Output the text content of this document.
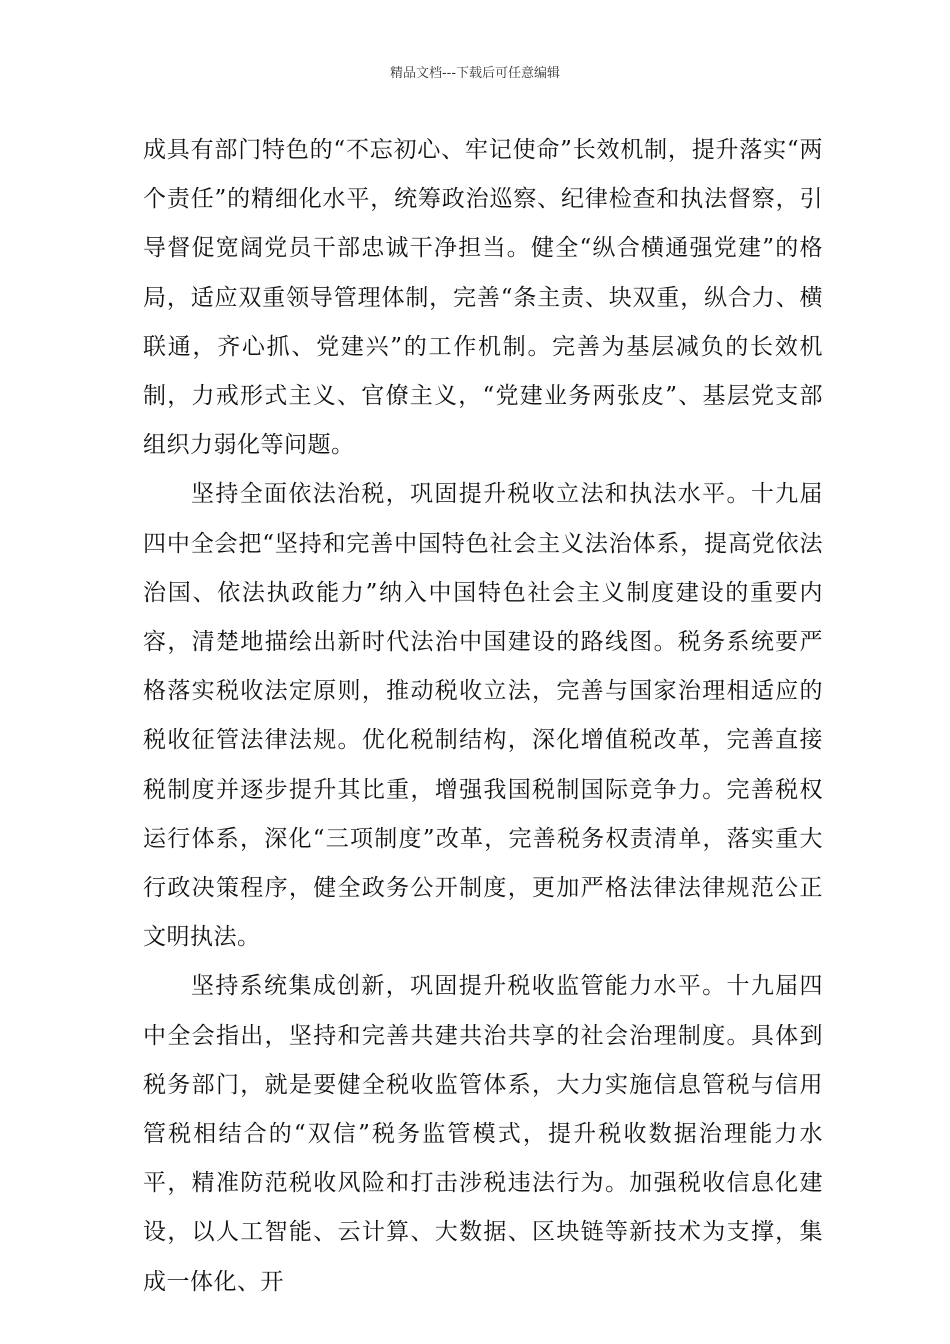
精品文档---下载后可任意编辑

成具有部门特色的“不忘初心、牢记使命”长效机制，提升落实“两个责任”的精细化水平，统筹政治巡察、纪律检查和执法督察，引导督促宽阔党员干部忠诚干净担当。健全“纵合横通强党建”的格局，适应双重领导管理体制，完善“条主责、块双重，纵合力、横联通，齐心抓、党建兴”的工作机制。完善为基层减负的长效机制，力戒形式主义、官僚主义，“党建业务两张皮”、基层党支部组织力弱化等问题。

坚持全面依法治税，巩固提升税收立法和执法水平。十九届四中全会把“坚持和完善中国特色社会主义法治体系，提高党依法治国、依法执政能力”纳入中国特色社会主义制度建设的重要内容，清楚地描绘出新时代法治中国建设的路线图。税务系统要严格落实税收法定原则，推动税收立法，完善与国家治理相适应的税收征管法律法规。优化税制结构，深化增值税改革，完善直接税制度并逐步提升其比重，增强我国税制国际竞争力。完善税权运行体系，深化“三项制度”改革，完善税务权责清单，落实重大行政决策程序，健全政务公开制度，更加严格法律法律规范公正文明执法。

坚持系统集成创新，巩固提升税收监管能力水平。十九届四中全会指出，坚持和完善共建共治共享的社会治理制度。具体到税务部门，就是要健全税收监管体系，大力实施信息管税与信用管税相结合的“双信”税务监管模式，提升税收数据治理能力水平，精准防范税收风险和打击涉税违法行为。加强税收信息化建设，以人工智能、云计算、大数据、区块链等新技术为支撑，集成一体化、开
